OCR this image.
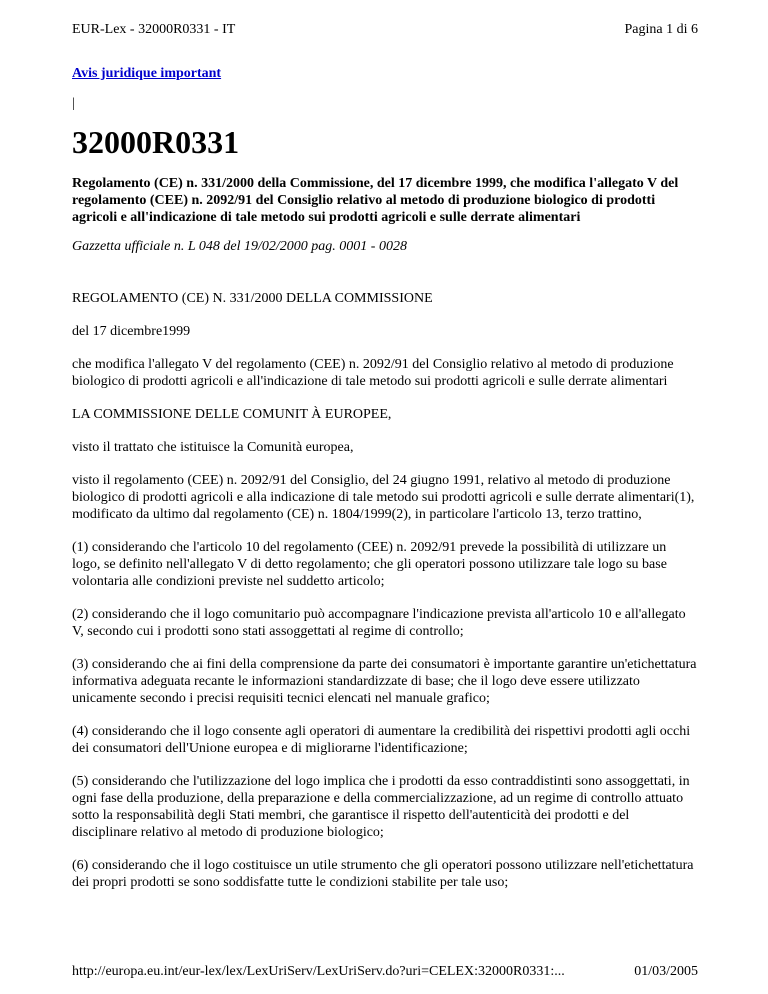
EUR-Lex - 32000R0331 - IT	Pagina 1 di 6
Avis juridique important
|
32000R0331
Regolamento (CE) n. 331/2000 della Commissione, del 17 dicembre 1999, che modifica l'allegato V del regolamento (CEE) n. 2092/91 del Consiglio relativo al metodo di produzione biologico di prodotti agricoli e all'indicazione di tale metodo sui prodotti agricoli e sulle derrate alimentari
Gazzetta ufficiale n. L 048 del 19/02/2000 pag. 0001 - 0028

REGOLAMENTO (CE) N. 331/2000 DELLA COMMISSIONE

del 17 dicembre1999

che modifica l'allegato V del regolamento (CEE) n. 2092/91 del Consiglio relativo al metodo di produzione biologico di prodotti agricoli e all'indicazione di tale metodo sui prodotti agricoli e sulle derrate alimentari

LA COMMISSIONE DELLE COMUNIT À EUROPEE,

visto il trattato che istituisce la Comunità europea,

visto il regolamento (CEE) n. 2092/91 del Consiglio, del 24 giugno 1991, relativo al metodo di produzione biologico di prodotti agricoli e alla indicazione di tale metodo sui prodotti agricoli e sulle derrate alimentari(1), modificato da ultimo dal regolamento (CE) n. 1804/1999(2), in particolare l'articolo 13, terzo trattino,

(1) considerando che l'articolo 10 del regolamento (CEE) n. 2092/91 prevede la possibilità di utilizzare un logo, se definito nell'allegato V di detto regolamento; che gli operatori possono utilizzare tale logo su base volontaria alle condizioni previste nel suddetto articolo;

(2) considerando che il logo comunitario può accompagnare l'indicazione prevista all'articolo 10 e all'allegato V, secondo cui i prodotti sono stati assoggettati al regime di controllo;

(3) considerando che ai fini della comprensione da parte dei consumatori è importante garantire un'etichettatura informativa adeguata recante le informazioni standardizzate di base; che il logo deve essere utilizzato unicamente secondo i precisi requisiti tecnici elencati nel manuale grafico;

(4) considerando che il logo consente agli operatori di aumentare la credibilità dei rispettivi prodotti agli occhi dei consumatori dell'Unione europea e di migliorarne l'identificazione;

(5) considerando che l'utilizzazione del logo implica che i prodotti da esso contraddistinti sono assoggettati, in ogni fase della produzione, della preparazione e della commercializzazione, ad un regime di controllo attuato sotto la responsabilità degli Stati membri, che garantisce il rispetto dell'autenticità dei prodotti e del disciplinare relativo al metodo di produzione biologico;

(6) considerando che il logo costituisce un utile strumento che gli operatori possono utilizzare nell'etichettatura dei propri prodotti se sono soddisfatte tutte le condizioni stabilite per tale uso;

http://europa.eu.int/eur-lex/lex/LexUriServ/LexUriServ.do?uri=CELEX:32000R0331:...	01/03/2005
